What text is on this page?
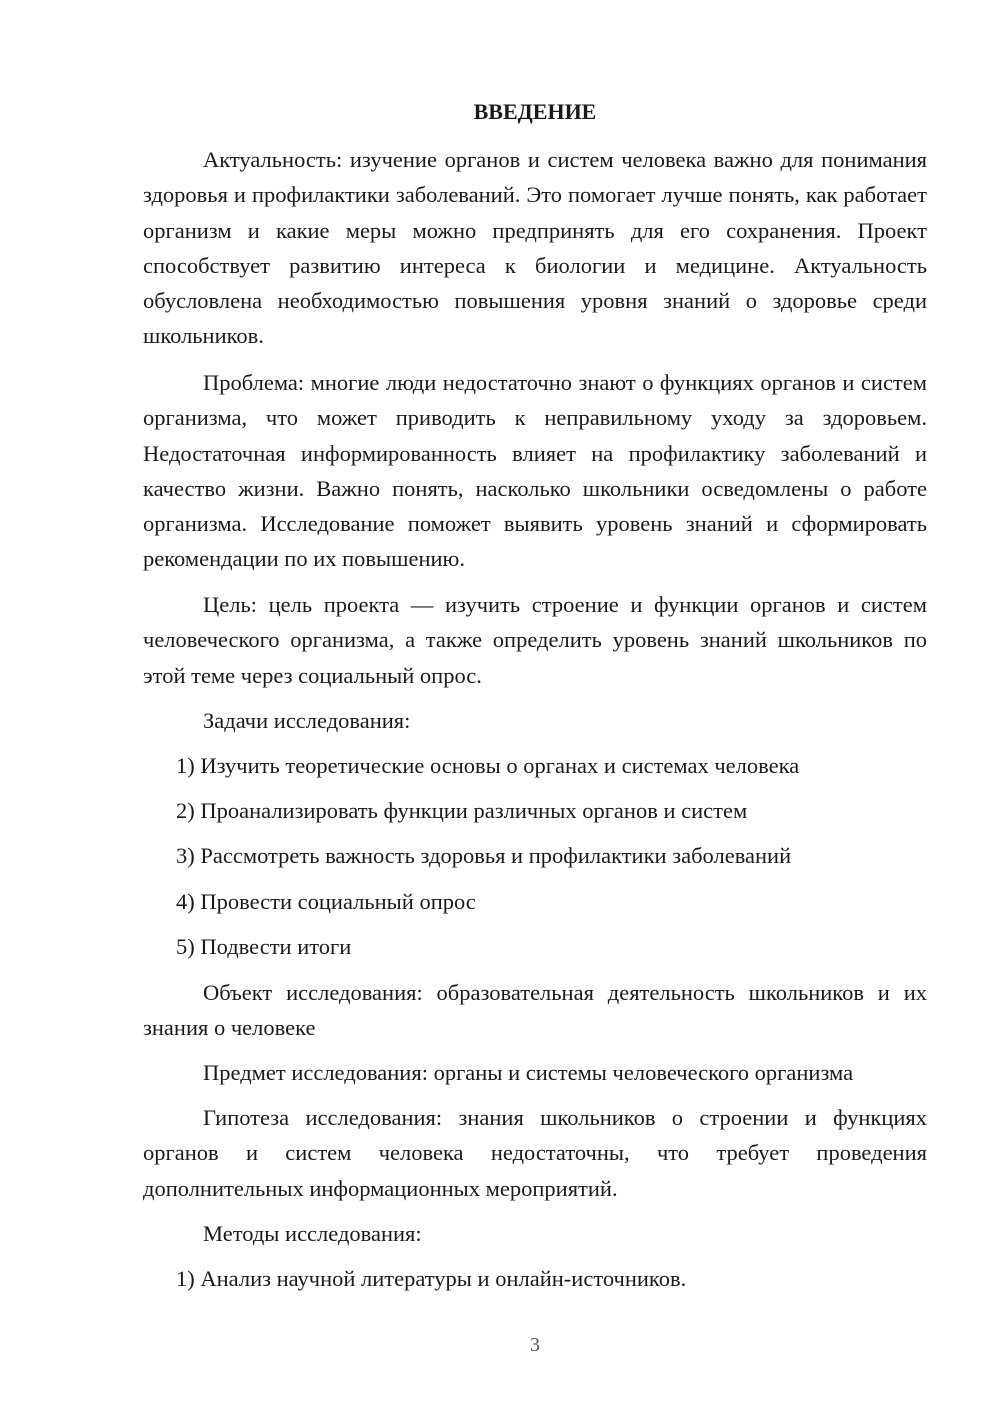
ВВЕДЕНИЕ

Актуальность: изучение органов и систем человека важно для понимания здоровья и профилактики заболеваний. Это помогает лучше понять, как работает организм и какие меры можно предпринять для его сохранения. Проект способствует развитию интереса к биологии и медицине. Актуальность обусловлена необходимостью повышения уровня знаний о здоровье среди школьников.

Проблема: многие люди недостаточно знают о функциях органов и систем организма, что может приводить к неправильному уходу за здоровьем. Недостаточная информированность влияет на профилактику заболеваний и качество жизни. Важно понять, насколько школьники осведомлены о работе организма. Исследование поможет выявить уровень знаний и сформировать рекомендации по их повышению.

Цель: цель проекта — изучить строение и функции органов и систем человеческого организма, а также определить уровень знаний школьников по этой теме через социальный опрос.

Задачи исследования:

1) Изучить теоретические основы о органах и системах человека

2) Проанализировать функции различных органов и систем

3) Рассмотреть важность здоровья и профилактики заболеваний

4) Провести социальный опрос

5) Подвести итоги

Объект исследования: образовательная деятельность школьников и их знания о человеке

Предмет исследования: органы и системы человеческого организма

Гипотеза исследования: знания школьников о строении и функциях органов и систем человека недостаточны, что требует проведения дополнительных информационных мероприятий.

Методы исследования:

1) Анализ научной литературы и онлайн-источников.

3
